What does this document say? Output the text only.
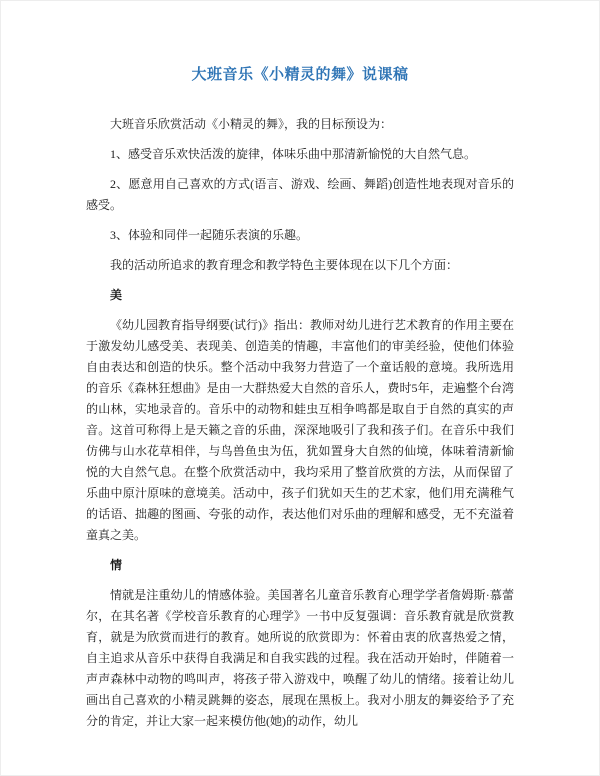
大班音乐《小精灵的舞》说课稿

大班音乐欣赏活动《小精灵的舞》，我的目标预设为：

1、感受音乐欢快活泼的旋律，体味乐曲中那清新愉悦的大自然气息。

2、愿意用自己喜欢的方式(语言、游戏、绘画、舞蹈)创造性地表现对音乐的感受。

3、体验和同伴一起随乐表演的乐趣。

我的活动所追求的教育理念和教学特色主要体现在以下几个方面：

美

《幼儿园教育指导纲要(试行)》指出：教师对幼儿进行艺术教育的作用主要在于激发幼儿感受美、表现美、创造美的情趣，丰富他们的审美经验，使他们体验自由表达和创造的快乐。整个活动中我努力营造了一个童话般的意境。我所选用的音乐《森林狂想曲》是由一大群热爱大自然的音乐人，费时5年，走遍整个台湾的山林，实地录音的。音乐中的动物和蛙虫互相争鸣都是取自于自然的真实的声音。这首可称得上是天籁之音的乐曲，深深地吸引了我和孩子们。在音乐中我们仿佛与山水花草相伴，与鸟兽鱼虫为伍，犹如置身大自然的仙境，体味着清新愉悦的大自然气息。在整个欣赏活动中，我均采用了整首欣赏的方法，从而保留了乐曲中原汁原味的意境美。活动中，孩子们犹如天生的艺术家，他们用充满稚气的话语、拙趣的图画、夸张的动作，表达他们对乐曲的理解和感受，无不充溢着童真之美。

情

情就是注重幼儿的情感体验。美国著名儿童音乐教育心理学学者詹姆斯·慕蕾尔，在其名著《学校音乐教育的心理学》一书中反复强调：音乐教育就是欣赏教育，就是为欣赏而进行的教育。她所说的欣赏即为：怀着由衷的欣喜热爱之情，自主追求从音乐中获得自我满足和自我实践的过程。我在活动开始时，伴随着一声声森林中动物的鸣叫声，将孩子带入游戏中，唤醒了幼儿的情绪。接着让幼儿画出自己喜欢的小精灵跳舞的姿态，展现在黑板上。我对小朋友的舞姿给予了充分的肯定，并让大家一起来模仿他(她)的动作，幼儿
